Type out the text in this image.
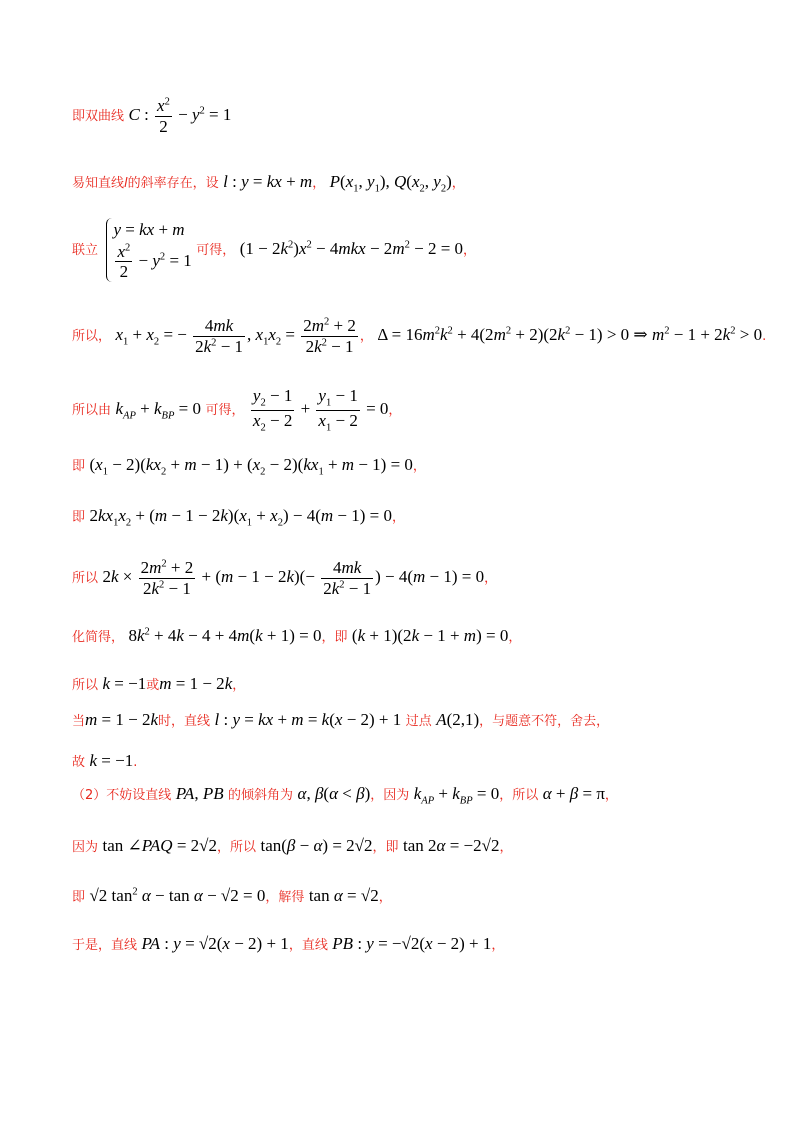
即双曲线 C : $\frac{x^2}{2} - y^2 = 1$
易知直线l的斜率存在，设 l : y = kx + m， $P(x_1$, $y_1$), $Q(x_2$, $y_2$)，
联立
y = kx + m
$\frac{x^2}{2} - y^2 = 1$
可得， $(1 - 2k^2)x^2 - 4mkx - 2m^2 - 2 = 0$，
所以， $x_1 + x_2$ = − $\frac{4mk}{2k^2 - 1}$ , $x_1x_2 = \frac{2m^2 + 2}{2k^2 - 1}$ ， $\Delta = 16m^2k^2 + 4(2m^2 + 2)(2k^2 - 1) > 0$ ⇒ $m^2 - 1 + 2k^2 > 0$.
所以由 $k_{AP} + k_{BP} = 0$ 可得， $\frac{y_2 - 1}{x_2 - 2} + \frac{y_1 - 1}{x_1 - 2} = 0$，
即 $(x_1 - 2)(kx_2 + m - 1) + (x_2 - 2)(kx_1 + m - 1) = 0$，
即 $2kx_1x_2 + (m - 1 - 2k)(x_1 + x_2) - 4(m - 1) = 0$，
所以 $2k \times \frac{2m^2 + 2}{2k^2 - 1} + (m - 1 - 2k)(- \frac{4mk}{2k^2 - 1}$ ) − 4(m − 1) = 0，
化简得， $8k^2 + 4k - 4 + 4m(k + 1) = 0$，即 (k + 1)(2k − 1 + m) = 0，
所以 k = −1或m = 1 − 2k，
当m = 1 − 2k时，直线 l : y = kx + m = k(x − 2) + 1 过点 A(2,1)，与题意不符，舍去，
故 k = −1.
（2）不妨设直线 PA, PB 的倾斜角为 α, β(α < β)，因为 $k_{AP} + k_{BP} = 0$，所以 α + β = π，
因为 tan ∠PAQ = 2√2，所以 tan(β − α) = 2√2，即 tan 2α = −2√2，
即 √2 $\tan^2 \alpha - \tan \alpha - √2 = 0$，解得 tan α = √2，
于是，直线 PA : y = √2(x − 2) + 1，直线 PB : y = −√2(x − 2) + 1，
